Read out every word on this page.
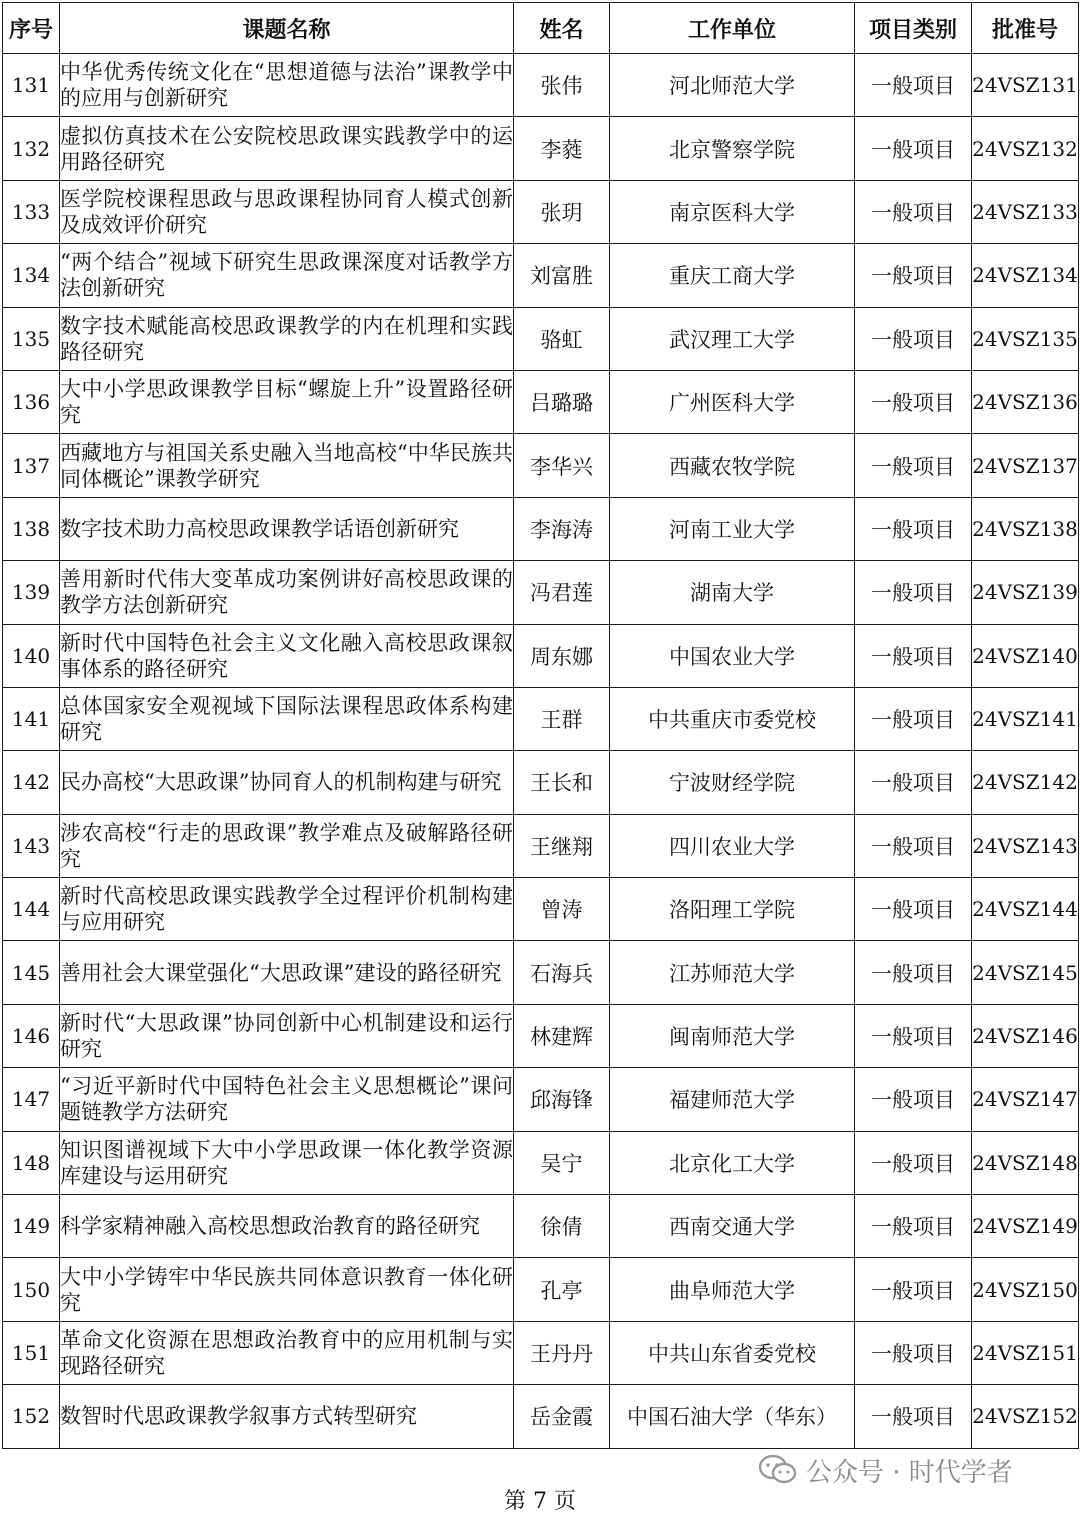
序号	课题名称	姓名	工作单位	项目类别	批准号
131	中华优秀传统文化在“思想道德与法治”课教学中的应用与创新研究	张伟	河北师范大学	一般项目	24VSZ131
132	虚拟仿真技术在公安院校思政课实践教学中的运用路径研究	李蕤	北京警察学院	一般项目	24VSZ132
133	医学院校课程思政与思政课程协同育人模式创新及成效评价研究	张玥	南京医科大学	一般项目	24VSZ133
134	“两个结合”视域下研究生思政课深度对话教学方法创新研究	刘富胜	重庆工商大学	一般项目	24VSZ134
135	数字技术赋能高校思政课教学的内在机理和实践路径研究	骆虹	武汉理工大学	一般项目	24VSZ135
136	大中小学思政课教学目标“螺旋上升”设置路径研究	吕璐璐	广州医科大学	一般项目	24VSZ136
137	西藏地方与祖国关系史融入当地高校“中华民族共同体概论”课教学研究	李华兴	西藏农牧学院	一般项目	24VSZ137
138	数字技术助力高校思政课教学话语创新研究	李海涛	河南工业大学	一般项目	24VSZ138
139	善用新时代伟大变革成功案例讲好高校思政课的教学方法创新研究	冯君莲	湖南大学	一般项目	24VSZ139
140	新时代中国特色社会主义文化融入高校思政课叙事体系的路径研究	周东娜	中国农业大学	一般项目	24VSZ140
141	总体国家安全观视域下国际法课程思政体系构建研究	王群	中共重庆市委党校	一般项目	24VSZ141
142	民办高校“大思政课”协同育人的机制构建与研究	王长和	宁波财经学院	一般项目	24VSZ142
143	涉农高校“行走的思政课”教学难点及破解路径研究	王继翔	四川农业大学	一般项目	24VSZ143
144	新时代高校思政课实践教学全过程评价机制构建与应用研究	曾涛	洛阳理工学院	一般项目	24VSZ144
145	善用社会大课堂强化“大思政课”建设的路径研究	石海兵	江苏师范大学	一般项目	24VSZ145
146	新时代“大思政课”协同创新中心机制建设和运行研究	林建辉	闽南师范大学	一般项目	24VSZ146
147	“习近平新时代中国特色社会主义思想概论”课问题链教学方法研究	邱海锋	福建师范大学	一般项目	24VSZ147
148	知识图谱视域下大中小学思政课一体化教学资源库建设与运用研究	吴宁	北京化工大学	一般项目	24VSZ148
149	科学家精神融入高校思想政治教育的路径研究	徐倩	西南交通大学	一般项目	24VSZ149
150	大中小学铸牢中华民族共同体意识教育一体化研究	孔亭	曲阜师范大学	一般项目	24VSZ150
151	革命文化资源在思想政治教育中的应用机制与实现路径研究	王丹丹	中共山东省委党校	一般项目	24VSZ151
152	数智时代思政课教学叙事方式转型研究	岳金霞	中国石油大学（华东）	一般项目	24VSZ152
公众号 · 时代学者
第 7 页
